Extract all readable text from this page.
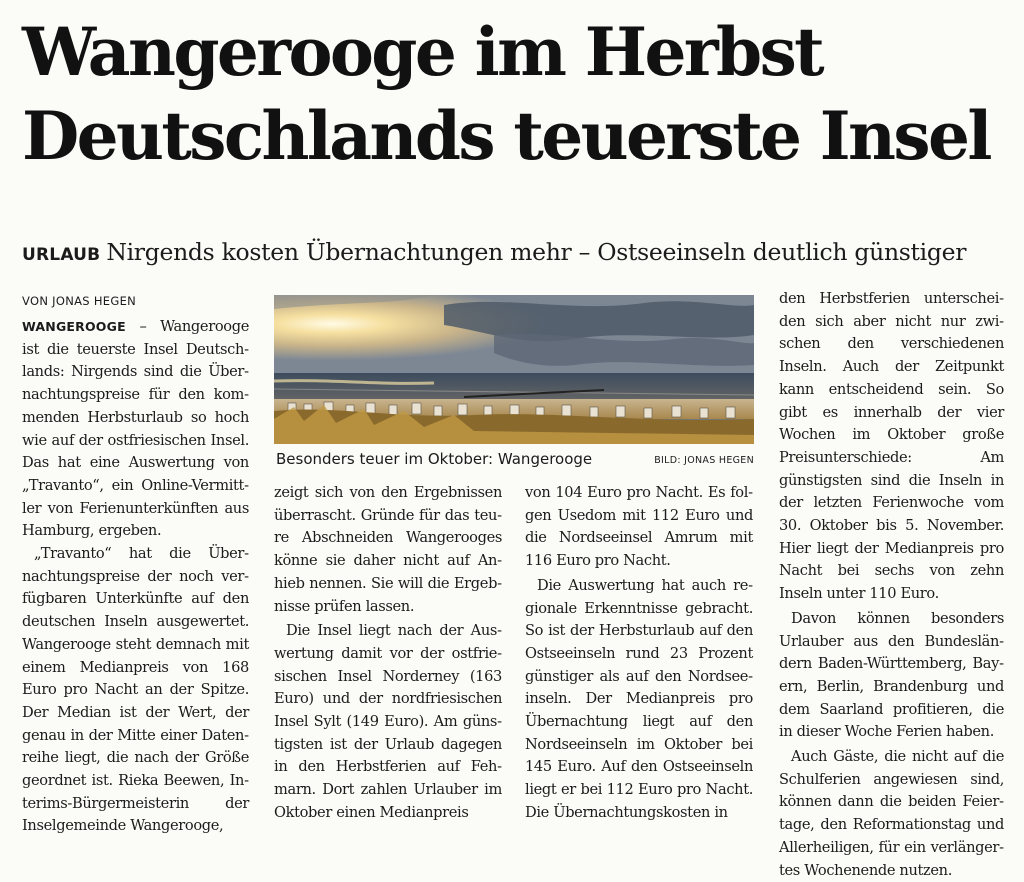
Wangerooge im Herbst
Deutschlands teuerste Insel
URLAUB Nirgends kosten Übernachtungen mehr – Ostseeinseln deutlich günstiger
VON JONAS HEGEN

WANGEROOGE – Wangerooge ist die teuerste Insel Deutschlands: Nirgends sind die Übernachtungspreise für den kommenden Herbsturlaub so hoch wie auf der ostfriesischen Insel. Das hat eine Auswertung von „Travanto“, ein Online-Vermittler von Ferienunterkünften aus Hamburg, ergeben.

„Travanto“ hat die Übernachtungspreise der noch verfügbaren Unterkünfte auf den deutschen Inseln ausgewertet. Wangerooge steht demnach mit einem Medianpreis von 168 Euro pro Nacht an der Spitze. Der Median ist der Wert, der genau in der Mitte einer Datenreihe liegt, die nach der Größe geordnet ist. Rieka Beewen, Interims-Bürgermeisterin der Inselgemeinde Wangerooge,

Besonders teuer im Oktober: Wangerooge	BILD: JONAS HEGEN

zeigt sich von den Ergebnissen überrascht. Gründe für das teure Abschneiden Wangerooges könne sie daher nicht auf Anhieb nennen. Sie will die Ergebnisse prüfen lassen.

Die Insel liegt nach der Auswertung damit vor der ostfriesischen Insel Norderney (163 Euro) und der nordfriesischen Insel Sylt (149 Euro). Am günstigsten ist der Urlaub dagegen in den Herbstferien auf Fehmarn. Dort zahlen Urlauber im Oktober einen Medianpreis

von 104 Euro pro Nacht. Es folgen Usedom mit 112 Euro und die Nordseeinsel Amrum mit 116 Euro pro Nacht.

Die Auswertung hat auch regionale Erkenntnisse gebracht. So ist der Herbsturlaub auf den Ostseeinseln rund 23 Prozent günstiger als auf den Nordseeinseln. Der Medianpreis pro Übernachtung liegt auf den Nordseeinseln im Oktober bei 145 Euro. Auf den Ostseeinseln liegt er bei 112 Euro pro Nacht. Die Übernachtungskosten in

den Herbstferien unterscheiden sich aber nicht nur zwischen den verschiedenen Inseln. Auch der Zeitpunkt kann entscheidend sein. So gibt es innerhalb der vier Wochen im Oktober große Preisunterschiede: Am günstigsten sind die Inseln in der letzten Ferienwoche vom 30. Oktober bis 5. November. Hier liegt der Medianpreis pro Nacht bei sechs von zehn Inseln unter 110 Euro.

Davon können besonders Urlauber aus den Bundesländern Baden-Württemberg, Bayern, Berlin, Brandenburg und dem Saarland profitieren, die in dieser Woche Ferien haben.

Auch Gäste, die nicht auf die Schulferien angewiesen sind, können dann die beiden Feiertage, den Reformationstag und Allerheiligen, für ein verlängertes Wochenende nutzen.
